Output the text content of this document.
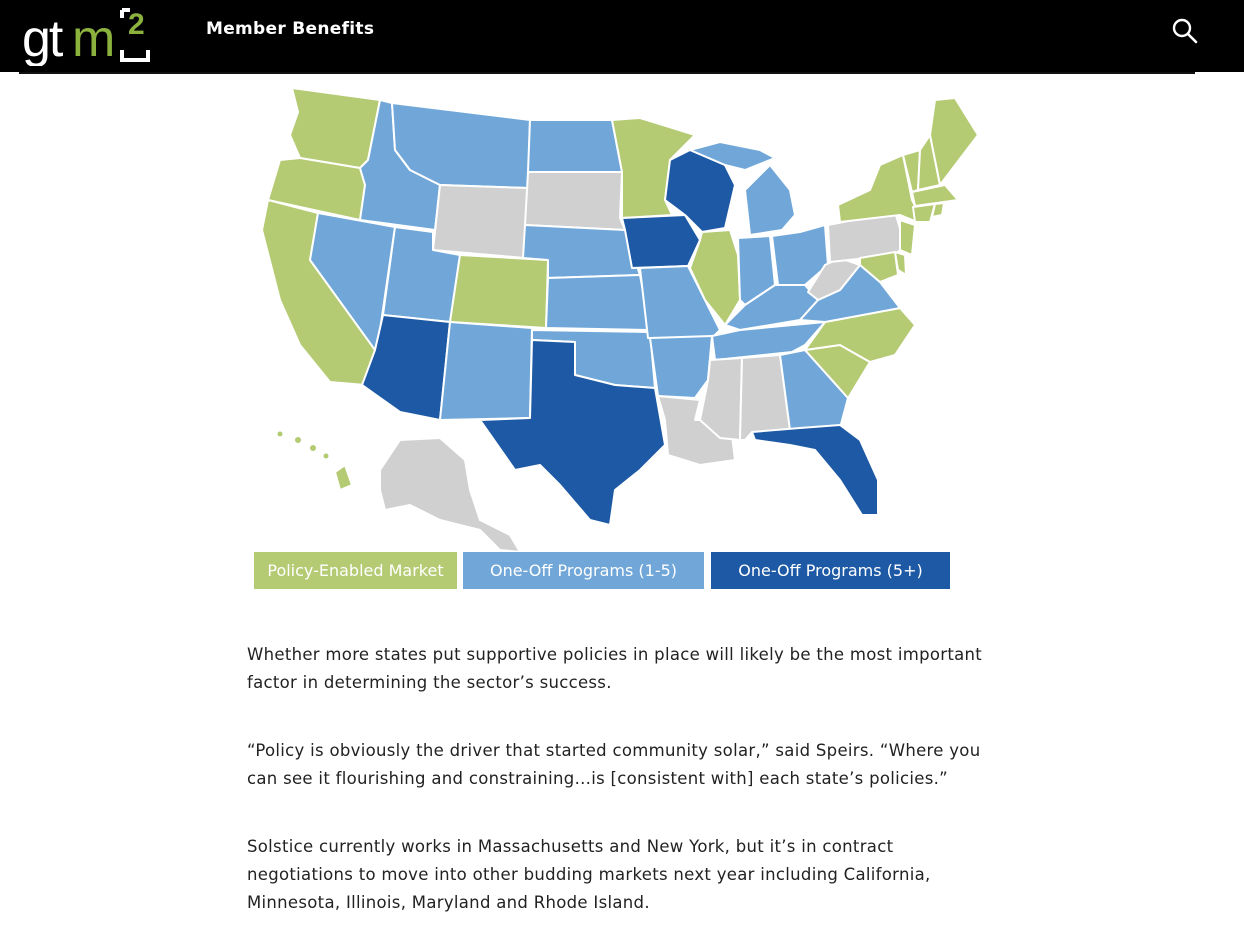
gt m 2	Member Benefits
Policy-Enabled Market	One-Off Programs (1-5)	One-Off Programs (5+)

Whether more states put supportive policies in place will likely be the most important factor in determining the sector’s success.

“Policy is obviously the driver that started community solar,” said Speirs. “Where you can see it flourishing and constraining...is [consistent with] each state’s policies.”

Solstice currently works in Massachusetts and New York, but it’s in contract negotiations to move into other budding markets next year including California, Minnesota, Illinois, Maryland and Rhode Island.
